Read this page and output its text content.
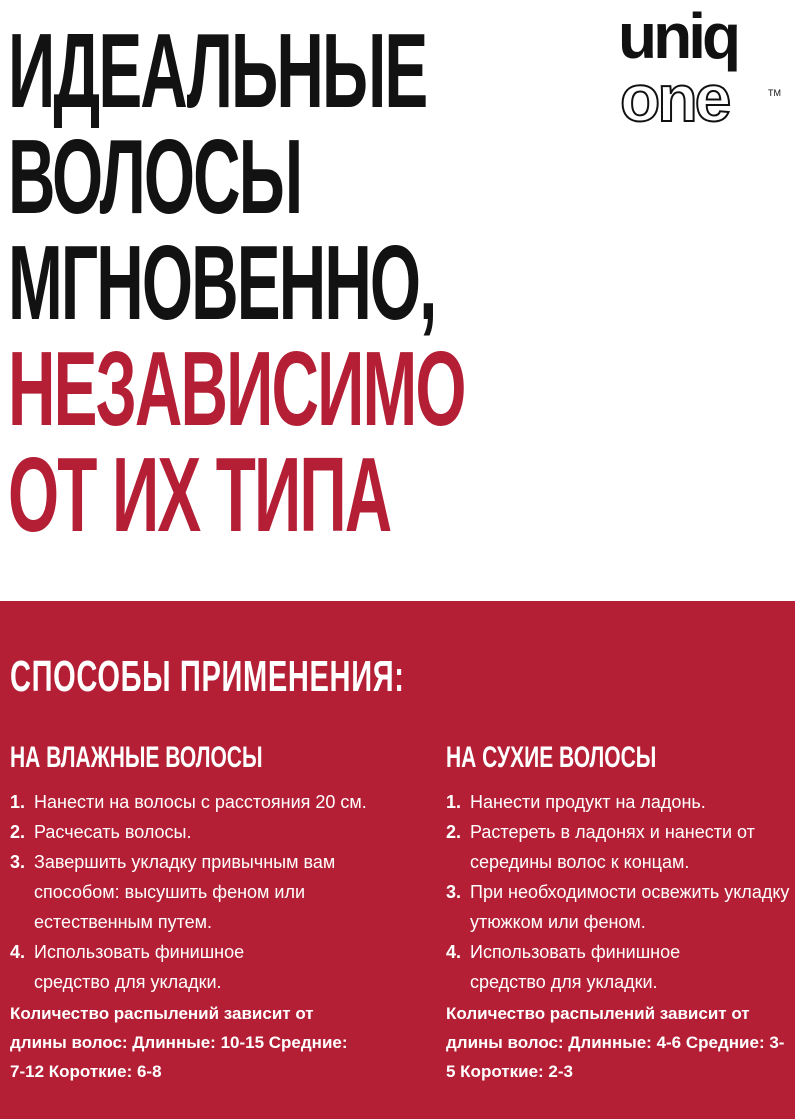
ИДЕАЛЬНЫЕ
ВОЛОСЫ
МГНОВЕННО,
НЕЗАВИСИМО
ОТ ИХ ТИПА
uniq
one	TM
СПОСОБЫ ПРИМЕНЕНИЯ:
НА ВЛАЖНЫЕ ВОЛОСЫ
1. Нанести на волосы с расстояния 20 см.
2. Расчесать волосы.
3. Завершить укладку привычным вам способом: высушить феном или естественным путем.
4. Использовать финишное средство для укладки.

Количество распылений зависит от длины волос: Длинные: 10-15 Средние: 7-12 Короткие: 6-8

НА СУХИЕ ВОЛОСЫ
1. Нанести продукт на ладонь.
2. Растереть в ладонях и нанести от середины волос к концам.
3. При необходимости освежить укладку утюжком или феном.
4. Использовать финишное средство для укладки.

Количество распылений зависит от длины волос: Длинные: 4-6 Средние: 3-5 Короткие: 2-3
